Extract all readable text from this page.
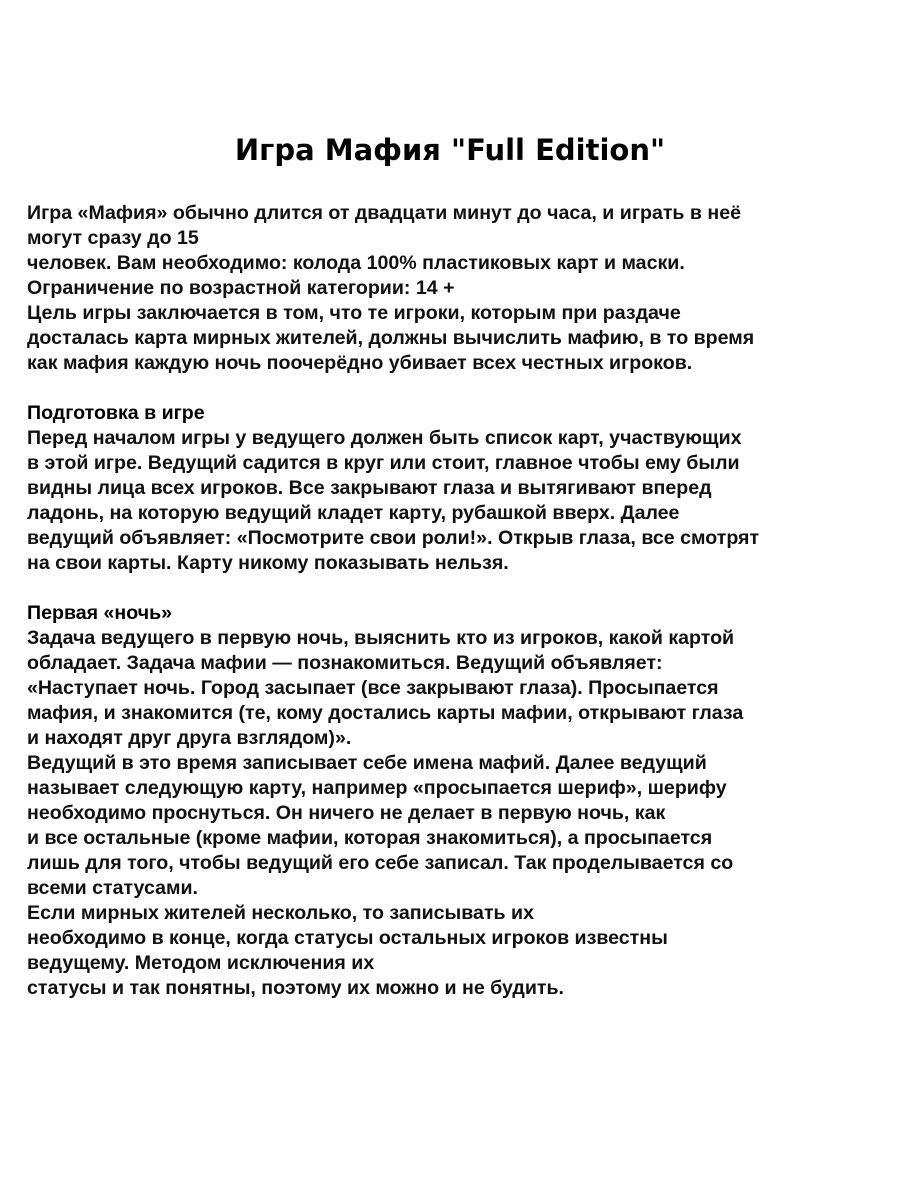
Игра Мафия "Full Edition"
Игра «Мафия» обычно длится от двадцати минут до часа, и играть в неё
могут сразу до 15
человек. Вам необходимо: колода 100% пластиковых карт и маски.
Ограничение по возрастной категории: 14 +
Цель игры заключается в том, что те игроки, которым при раздаче
досталась карта мирных жителей, должны вычислить мафию, в то время
как мафия каждую ночь поочерёдно убивает всех честных игроков.
Подготовка в игре
Перед началом игры у ведущего должен быть список карт, участвующих
в этой игре. Ведущий садится в круг или стоит, главное чтобы ему были
видны лица всех игроков. Все закрывают глаза и вытягивают вперед
ладонь, на которую ведущий кладет карту, рубашкой вверх. Далее
ведущий объявляет: «Посмотрите свои роли!». Открыв глаза, все смотрят
на свои карты. Карту никому показывать нельзя.
Первая «ночь»
Задача ведущего в первую ночь, выяснить кто из игроков, какой картой
обладает. Задача мафии — познакомиться. Ведущий объявляет:
«Наступает ночь. Город засыпает (все закрывают глаза). Просыпается
мафия, и знакомится (те, кому достались карты мафии, открывают глаза
и находят друг друга взглядом)».
Ведущий в это время записывает себе имена мафий. Далее ведущий
называет следующую карту, например «просыпается шериф», шерифу
необходимо проснуться. Он ничего не делает в первую ночь, как
и все остальные (кроме мафии, которая знакомиться), а просыпается
лишь для того, чтобы ведущий его себе записал. Так проделывается со
всеми статусами.
Если мирных жителей несколько, то записывать их
необходимо в конце, когда статусы остальных игроков известны
ведущему. Методом исключения их
статусы и так понятны, поэтому их можно и не будить.
